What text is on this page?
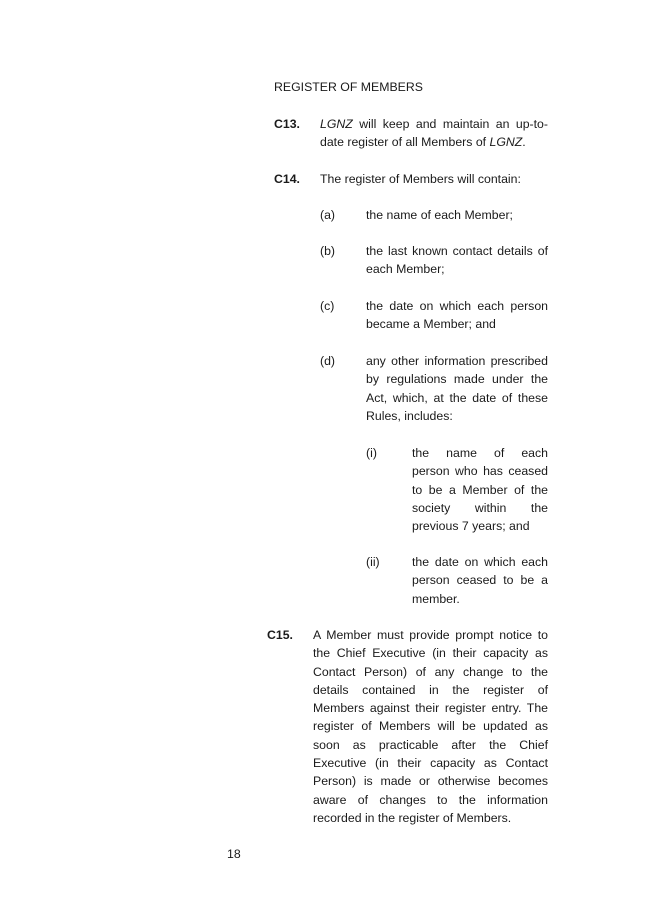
REGISTER OF MEMBERS
C13. LGNZ will keep and maintain an up-to-date register of all Members of LGNZ.
C14. The register of Members will contain:
(a)	the name of each Member;
(b)	the last known contact details of each Member;
(c)	the date on which each person became a Member; and
(d)	any other information prescribed by regulations made under the Act, which, at the date of these Rules, includes:
(i)	the name of each person who has ceased to be a Member of the society within the previous 7 years; and
(ii)	the date on which each person ceased to be a member.
C15. A Member must provide prompt notice to the Chief Executive (in their capacity as Contact Person) of any change to the details contained in the register of Members against their register entry. The register of Members will be updated as soon as practicable after the Chief Executive (in their capacity as Contact Person) is made or otherwise becomes aware of changes to the information recorded in the register of Members.
18
